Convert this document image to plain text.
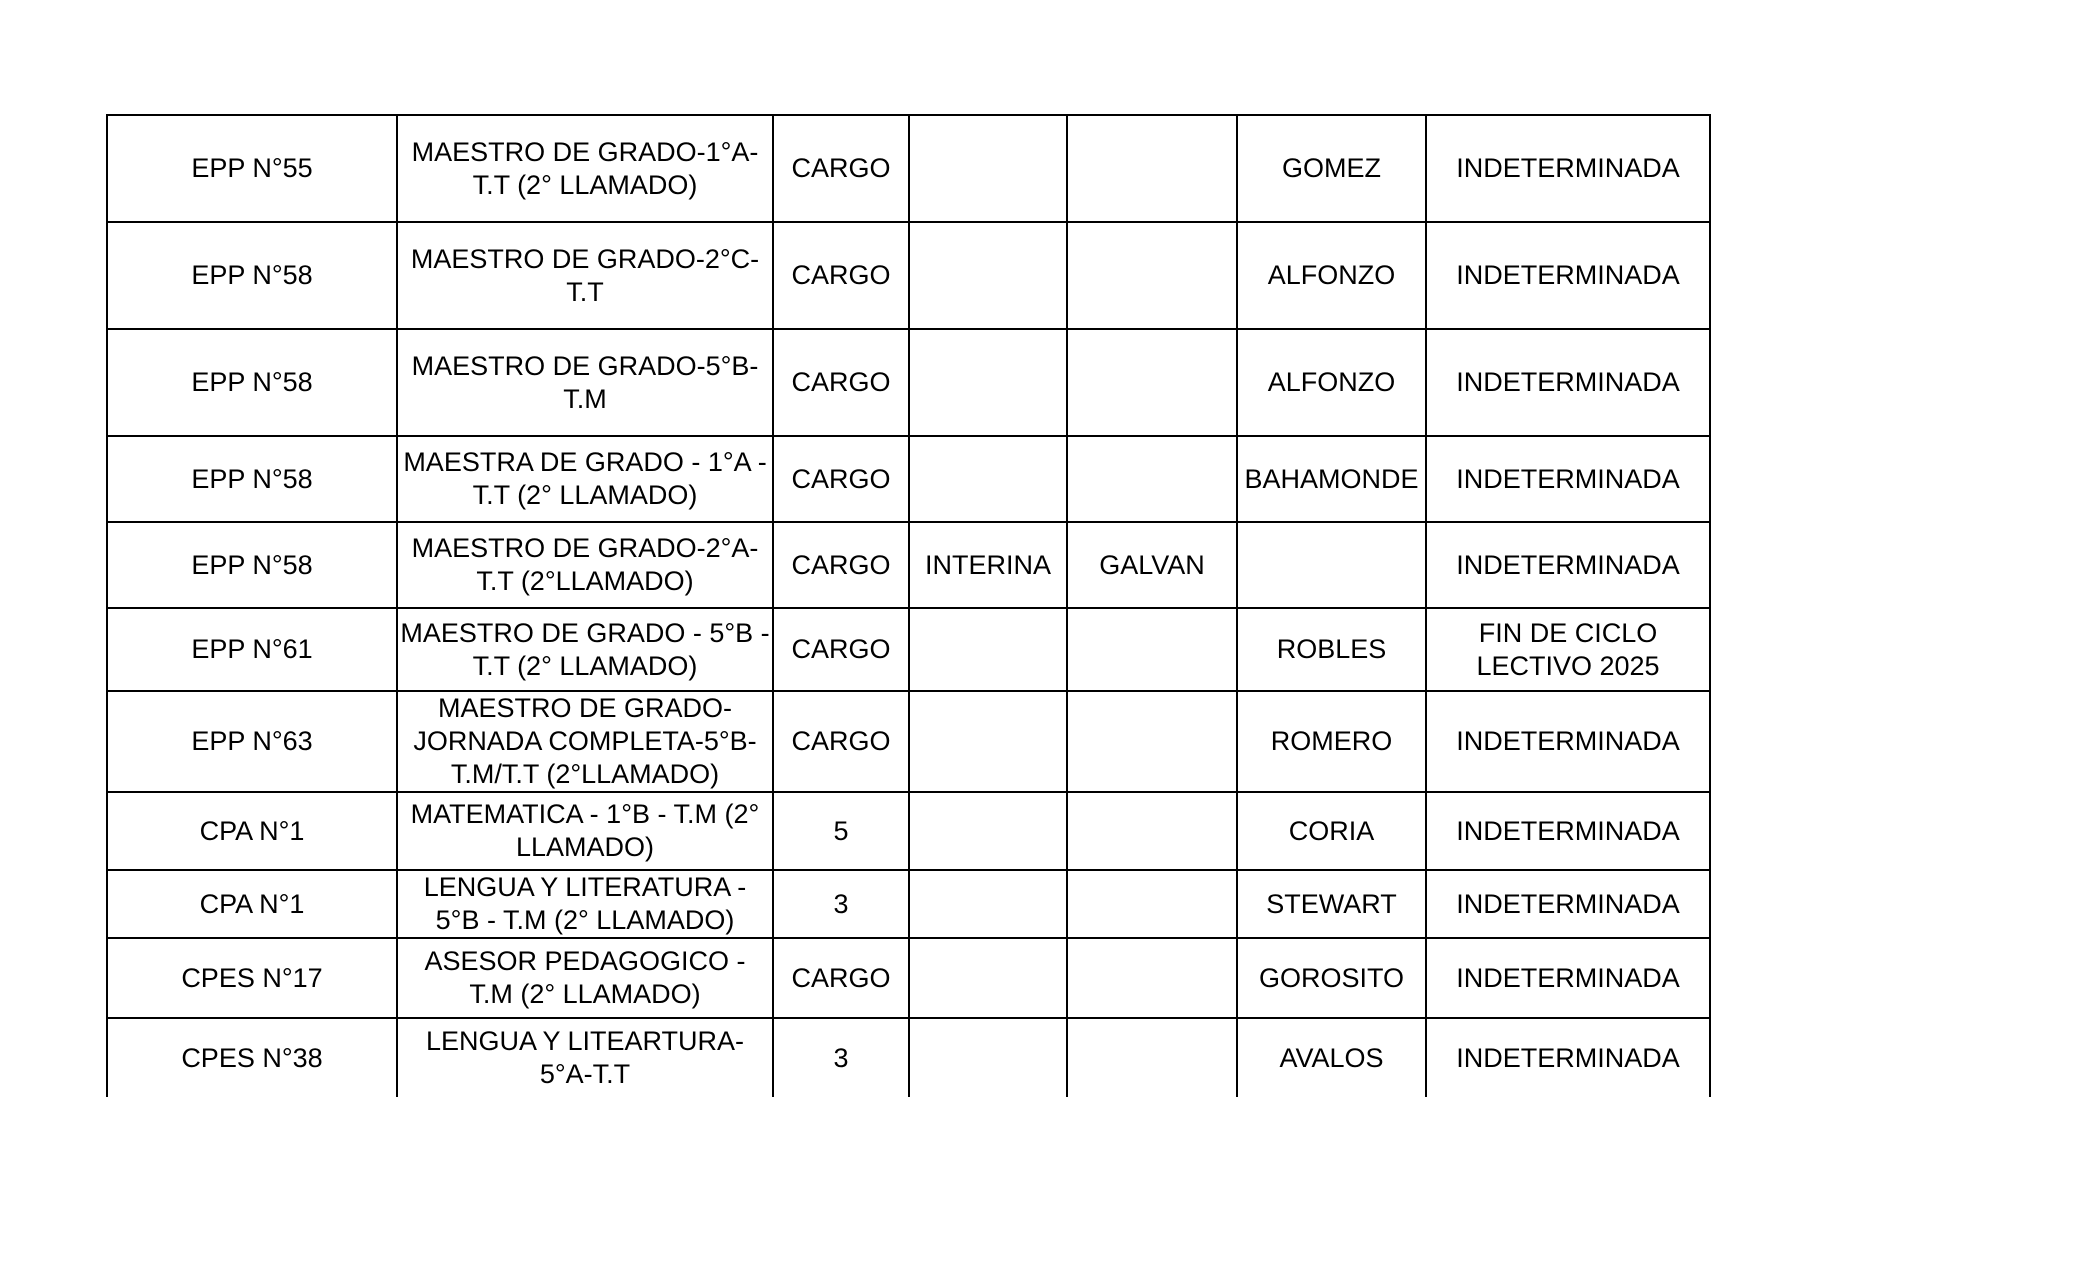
EPP N°55	MAESTRO DE GRADO-1°A-
T.T (2° LLAMADO)	CARGO			GOMEZ	INDETERMINADA
EPP N°58	MAESTRO DE GRADO-2°C-
T.T	CARGO			ALFONZO	INDETERMINADA
EPP N°58	MAESTRO DE GRADO-5°B-
T.M	CARGO			ALFONZO	INDETERMINADA
EPP N°58	MAESTRA DE GRADO - 1°A -
T.T (2° LLAMADO)	CARGO			BAHAMONDE	INDETERMINADA
EPP N°58	MAESTRO DE GRADO-2°A-
T.T (2°LLAMADO)	CARGO	INTERINA	GALVAN		INDETERMINADA
EPP N°61	MAESTRO DE GRADO - 5°B -
T.T (2° LLAMADO)	CARGO			ROBLES	FIN DE CICLO
LECTIVO 2025
EPP N°63	MAESTRO DE GRADO-
JORNADA COMPLETA-5°B-
T.M/T.T (2°LLAMADO)	CARGO			ROMERO	INDETERMINADA
CPA N°1	MATEMATICA - 1°B - T.M (2°
LLAMADO)	5			CORIA	INDETERMINADA
CPA N°1	LENGUA Y LITERATURA -
5°B - T.M (2° LLAMADO)	3			STEWART	INDETERMINADA
CPES N°17	ASESOR PEDAGOGICO -
T.M (2° LLAMADO)	CARGO			GOROSITO	INDETERMINADA
CPES N°38	LENGUA Y LITEARTURA-
5°A-T.T	3			AVALOS	INDETERMINADA
